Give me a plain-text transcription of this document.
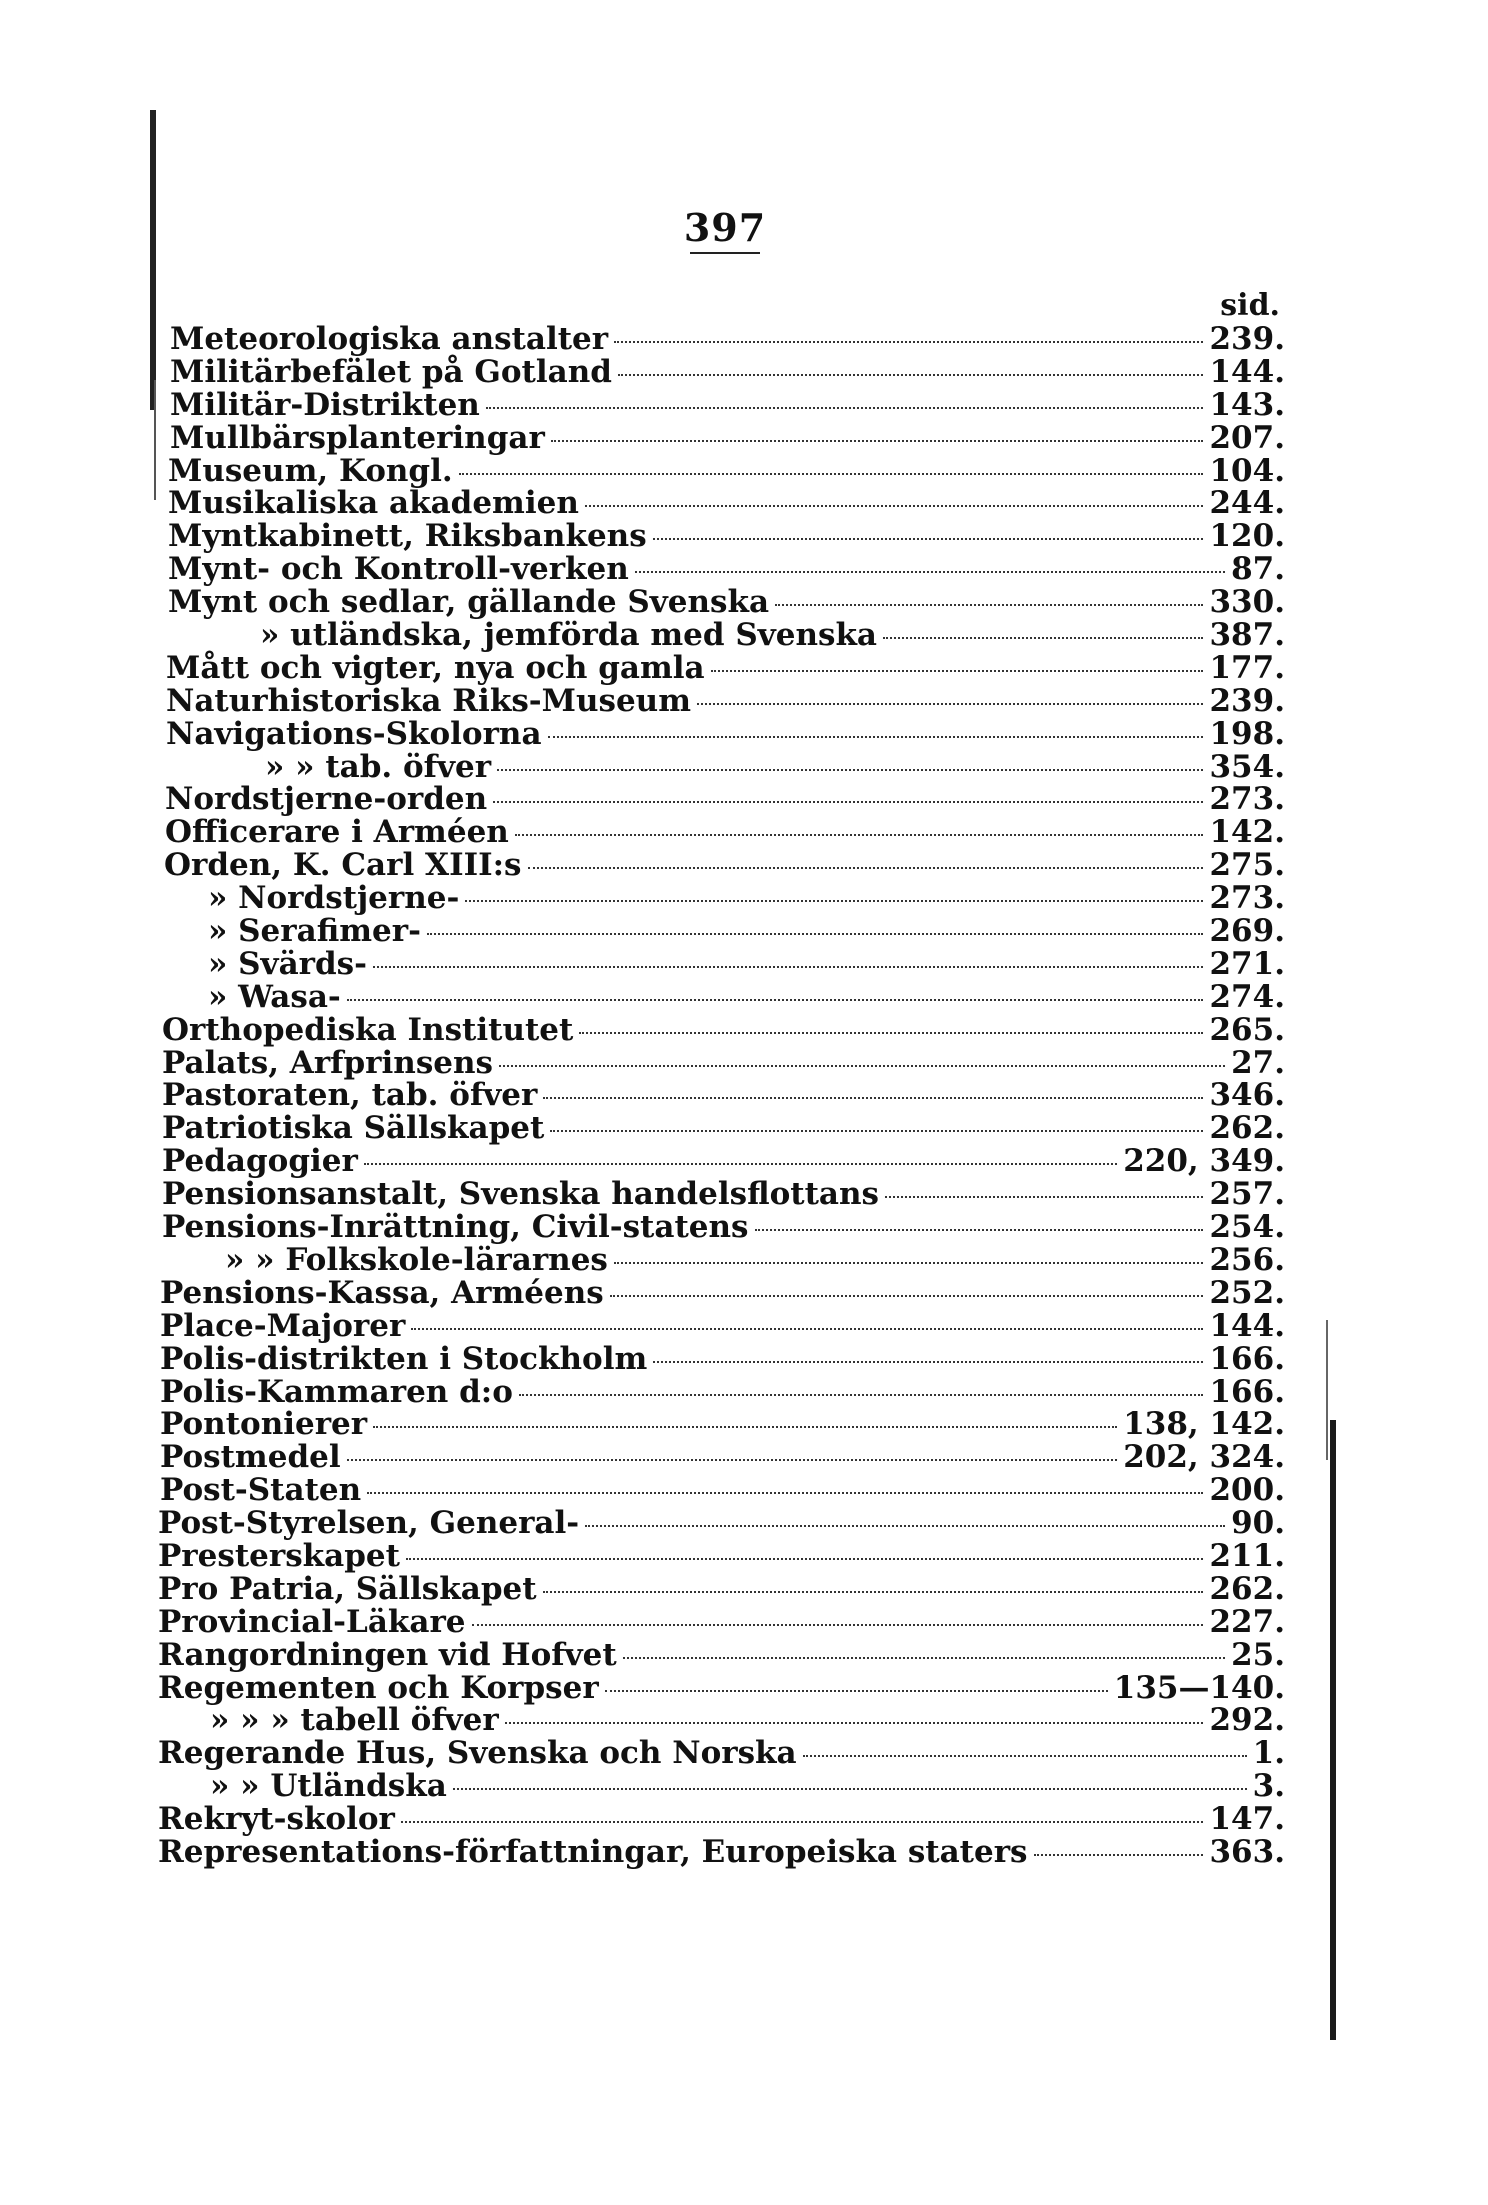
397
sid.
Meteorologiska anstalter	239.
Militärbefälet på Gotland	144.
Militär-Distrikten	143.
Mullbärsplanteringar	207.
Museum, Kongl.	104.
Musikaliska akademien	244.
Myntkabinett, Riksbankens	120.
Mynt- och Kontroll-verken	87.
Mynt och sedlar, gällande Svenska	330.
» utländska, jemförda med Svenska	387.
Mått och vigter, nya och gamla	177.
Naturhistoriska Riks-Museum	239.
Navigations-Skolorna	198.
» » tab. öfver	354.
Nordstjerne-orden	273.
Officerare i Arméen	142.
Orden, K. Carl XIII:s	275.
» Nordstjerne-	273.
» Serafimer-	269.
» Svärds-	271.
» Wasa-	274.
Orthopediska Institutet	265.
Palats, Arfprinsens	27.
Pastoraten, tab. öfver	346.
Patriotiska Sällskapet	262.
Pedagogier	220, 349.
Pensionsanstalt, Svenska handelsflottans	257.
Pensions-Inrättning, Civil-statens	254.
» » Folkskole-lärarnes	256.
Pensions-Kassa, Arméens	252.
Place-Majorer	144.
Polis-distrikten i Stockholm	166.
Polis-Kammaren d:o	166.
Pontonierer	138, 142.
Postmedel	202, 324.
Post-Staten	200.
Post-Styrelsen, General-	90.
Presterskapet	211.
Pro Patria, Sällskapet	262.
Provincial-Läkare	227.
Rangordningen vid Hofvet	25.
Regementen och Korpser	135—140.
» » » tabell öfver	292.
Regerande Hus, Svenska och Norska	1.
» » Utländska	3.
Rekryt-skolor	147.
Representations-författningar, Europeiska staters	363.
